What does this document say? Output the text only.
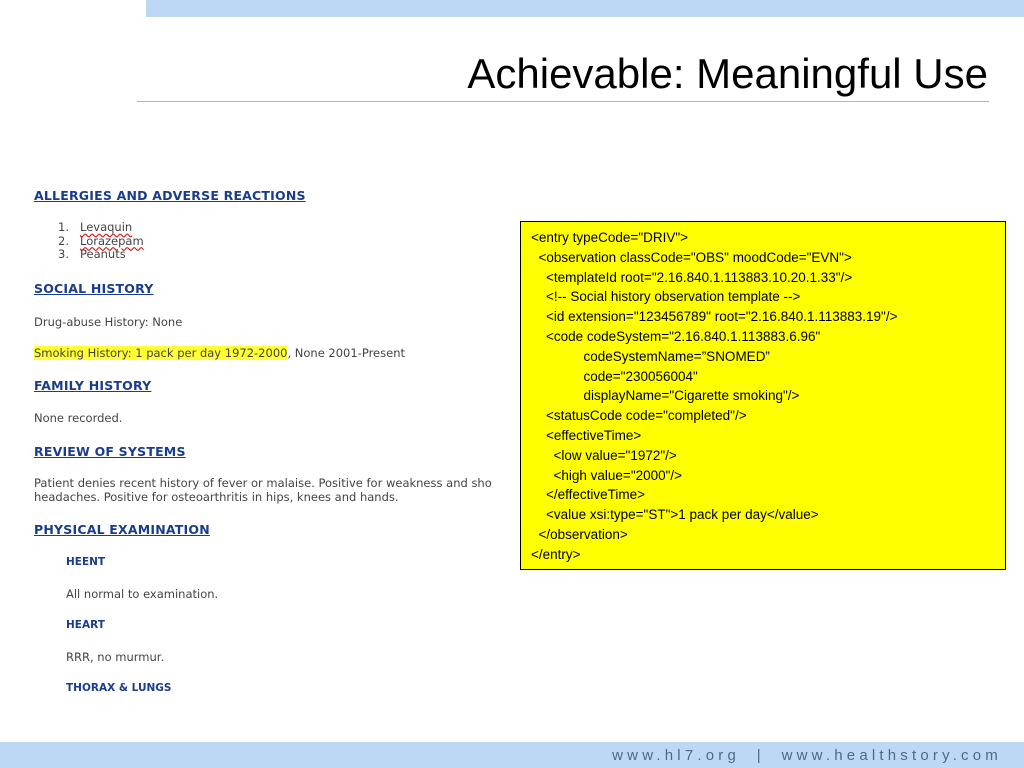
Achievable: Meaningful Use
ALLERGIES AND ADVERSE REACTIONS
1. Levaquin
2. Lorazepam
3. Peanuts
SOCIAL HISTORY
Drug-abuse History: None
Smoking History: 1 pack per day 1972-2000, None 2001-Present
FAMILY HISTORY
None recorded.
REVIEW OF SYSTEMS
Patient denies recent history of fever or malaise. Positive for weakness and sho
headaches. Positive for osteoarthritis in hips, knees and hands.
PHYSICAL EXAMINATION
HEENT
All normal to examination.
HEART
RRR, no murmur.
THORAX & LUNGS
<entry typeCode="DRIV">
<observation classCode="OBS" moodCode="EVN">
<templateId root="2.16.840.1.113883.10.20.1.33"/>
<!-- Social history observation template -->
<id extension="123456789" root="2.16.840.1.113883.19"/>
<code codeSystem="2.16.840.1.113883.6.96"
codeSystemName=”SNOMED”
code="230056004"
displayName="Cigarette smoking"/>
<statusCode code="completed"/>
<effectiveTime>
<low value="1972"/>
<high value="2000"/>
</effectiveTime>
<value xsi:type="ST">1 pack per day</value>
</observation>
</entry>
www.hl7.org  |  www.healthstory.com
